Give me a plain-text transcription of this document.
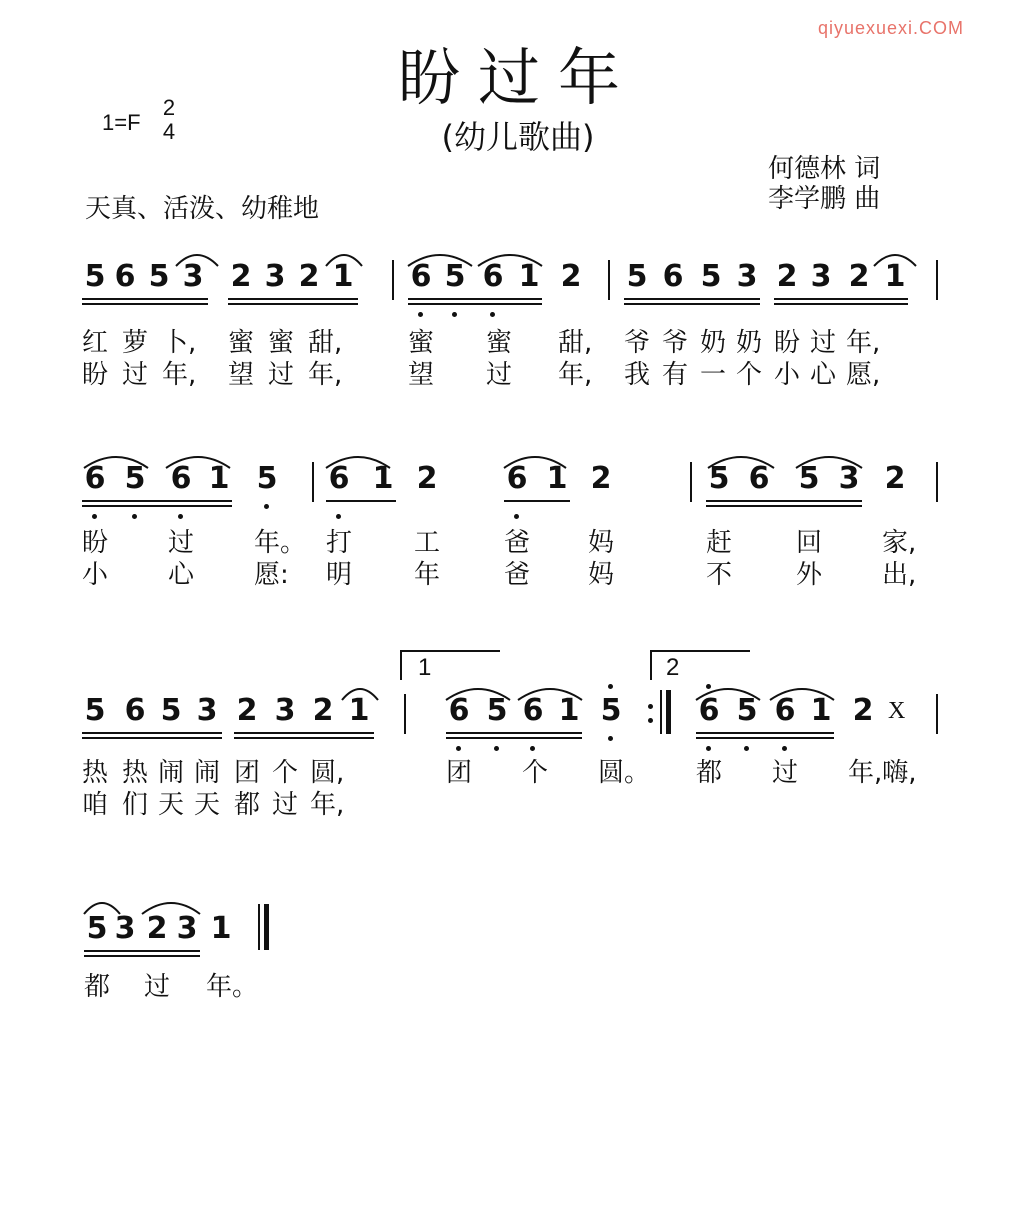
qiyuexuexi.COM
盼过年
(幼儿歌曲)
1=F
2
4
何德林 词
李学鹏 曲
天真、活泼、幼稚地
5 6 5 3 2 3 2 1 6 5 6 1 2 5 6 5 3 2 3 2 1
红 萝 卜, 蜜 蜜 甜,	蜜 蜜 甜, 爷 爷 奶 奶 盼 过 年,
盼 过 年, 望 过 年,	望 过 年, 我 有 一 个 小 心 愿,
6 5 6 1 5 6 1 2 6 1 2	5 6 5 3 2
盼 过 年。 打 工 爸 妈	赶 回 家,
小 心 愿: 明 年 爸 妈	不 外 出,
1	2
5 6 5 3 2 3 2 1	6 5 6 1 5	6 5 6 1 2 X
热 热 闹 闹 团 个 圆,	团 个 圆。 都 过 年,嗨,
咱 们 天 天 都 过 年,
5 3 2 3 1
都 过 年。
